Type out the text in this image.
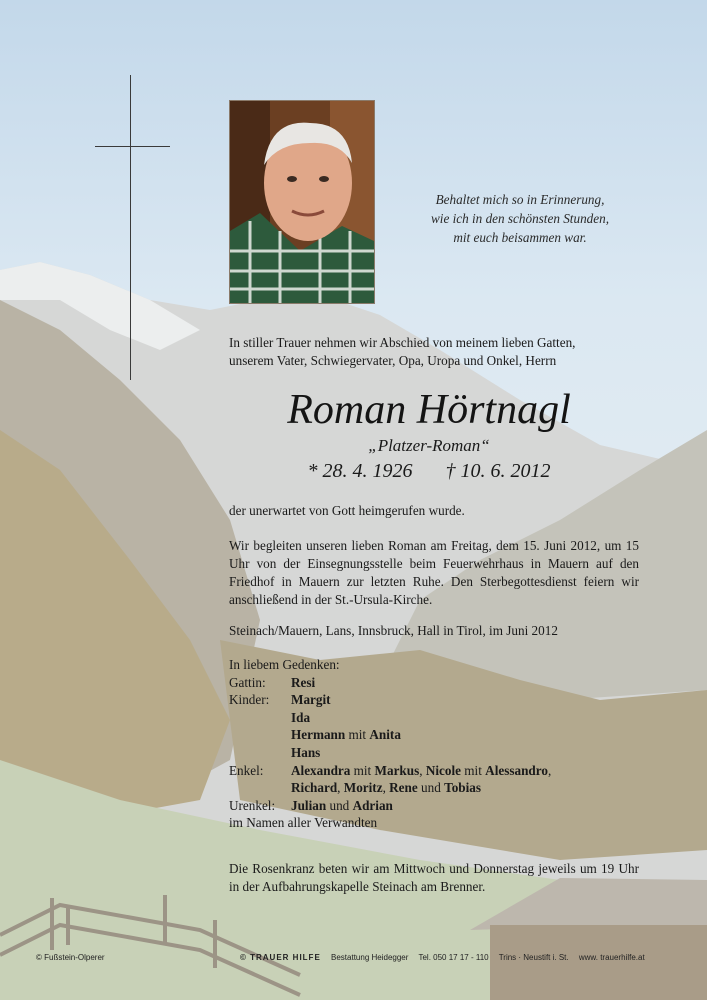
Behaltet mich so in Erinnerung,
wie ich in den schönsten Stunden,
mit euch beisammen war.
In stiller Trauer nehmen wir Abschied von meinem lieben Gatten,
unserem Vater, Schwiegervater, Opa, Uropa und Onkel, Herrn
Roman Hörtnagl
„Platzer-Roman“
* 28. 4. 1926 † 10. 6. 2012
der unerwartet von Gott heimgerufen wurde.
Wir begleiten unseren lieben Roman am Freitag, dem 15. Juni 2012, um 15 Uhr von der Einsegnungsstelle beim Feuerwehrhaus in Mauern auf den Friedhof in Mauern zur letzten Ruhe. Den Sterbegottesdienst feiern wir anschließend in der St.-Ursula-Kirche.
Steinach/Mauern, Lans, Innsbruck, Hall in Tirol, im Juni 2012
In liebem Gedenken:
Gattin:	Resi
Kinder:	Margit
Ida
Hermann mit Anita
Hans
Enkel:	Alexandra mit Markus, Nicole mit Alessandro,
Richard, Moritz, Rene und Tobias
Urenkel:	Julian und Adrian
im Namen aller Verwandten
Die Rosenkranz beten wir am Mittwoch und Donnerstag jeweils um 19 Uhr in der Aufbahrungskapelle Steinach am Brenner.
© Fußstein-Olperer	© TRAUER HILFE Bestattung Heidegger Tel. 050 17 17 - 110 Trins · Neustift i. St. www. trauerhilfe.at
